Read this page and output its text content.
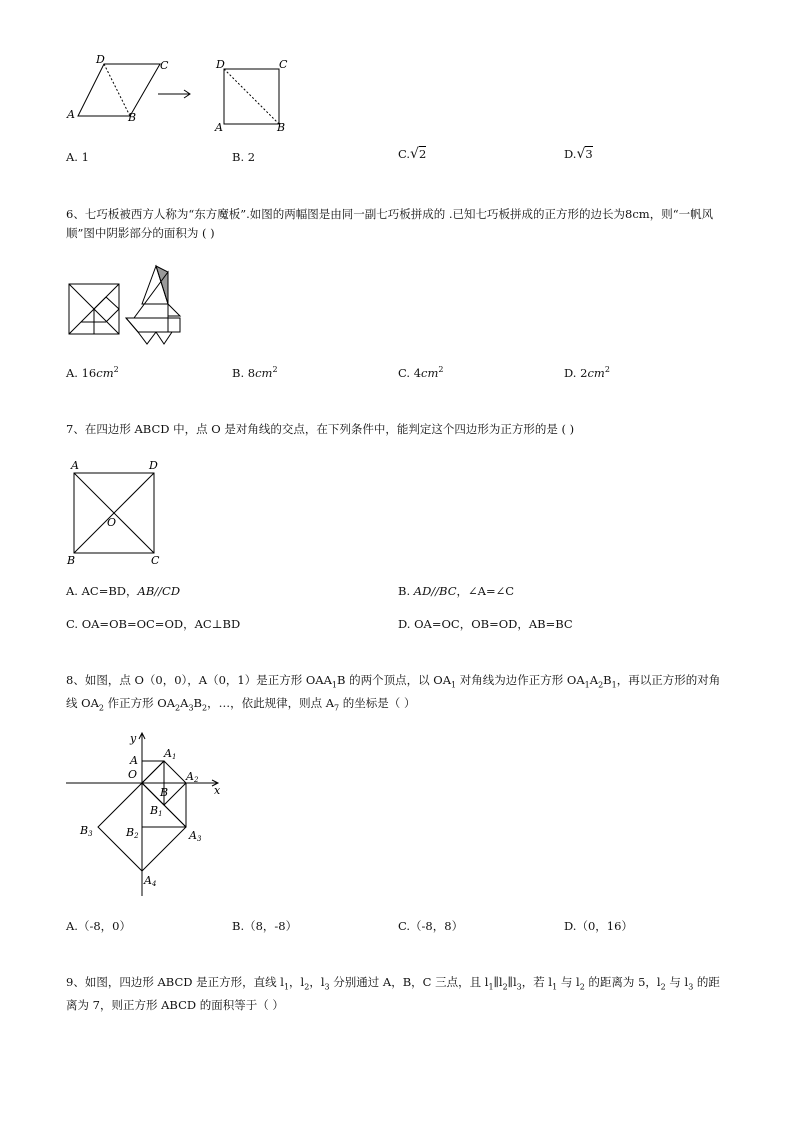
D	C
A	B
D	C
A	B
A. 1	B. 2	C.√2	D.√3
6、七巧板被西方人称为“东方魔板”.如图的两幅图是由同一副七巧板拼成的 .已知七巧板拼成的正方形的边长为8cm，则“一帆风顺”图中阴影部分的面积为 ( )
A. $16cm^2$	B. $8cm^2$	C. $4cm^2$	D. $2cm^2$
7、在四边形 ABCD 中，点 O 是对角线的交点，在下列条件中，能判定这个四边形为正方形的是 ( )
A	D
O
B	C
A. AC=BD，AB//CD	B. AD//BC，∠A=∠C
C. OA=OB=OC=OD，AC⊥BD	D. OA=OC，OB=OD，AB=BC
8、如图，点 O（0，0），A（0，1）是正方形 $OAA_1B$ 的两个顶点，以 $OA_1$ 对角线为边作正方形 $OA_1A_2B_1$，再以正方形的对角线 $OA_2$ 作正方形 $OA_2A_3B_2$，…，依此规律，则点 $A_7$ 的坐标是（ ）
y
x
O
A
A1
A2
A3
A4
B
B1
B2
B3
A.（-8，0）	B.（8，-8）	C.（-8，8）	D.（0，16）
9、如图，四边形 ABCD 是正方形，直线 $l_1$，$l_2$，$l_3$ 分别通过 A，B，C 三点，且 $l_1\parallel l_2\parallel l_3$，若 $l_1$ 与 $l_2$ 的距离为 5，$l_2$ 与 $l_3$ 的距离为 7，则正方形 ABCD 的面积等于（ ）
